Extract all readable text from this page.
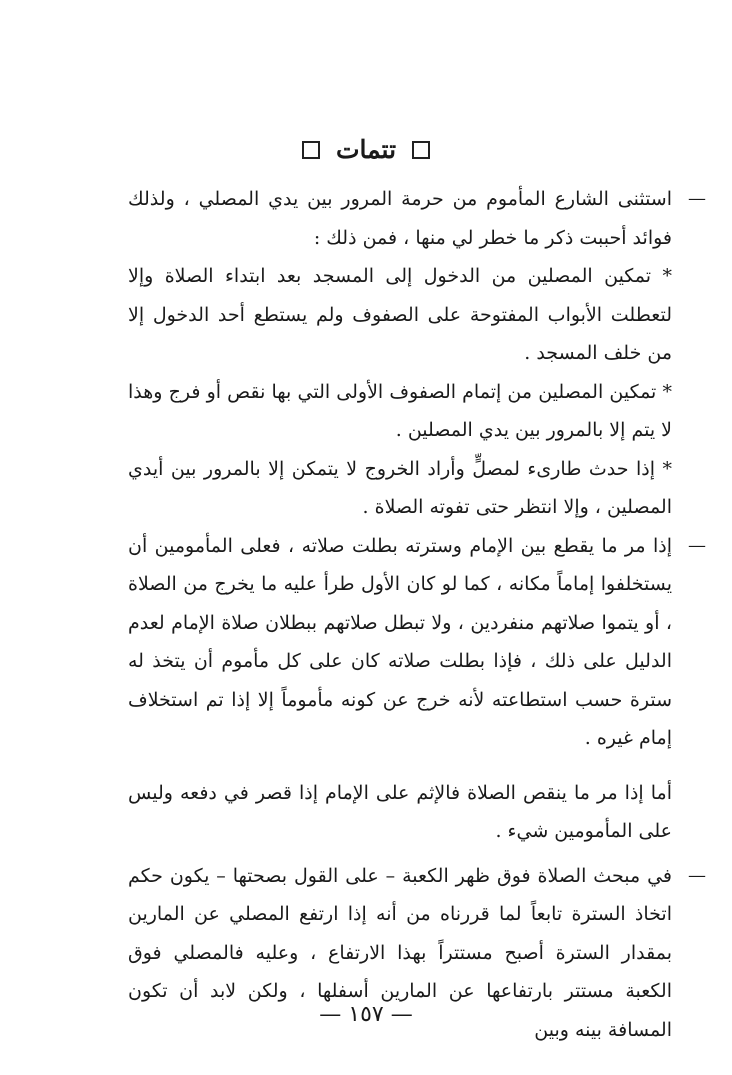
تتمات

— استثنى الشارع المأموم من حرمة المرور بين يدي المصلي ، ولذلك فوائد أحببت ذكر ما خطر لي منها ، فمن ذلك :

* تمكين المصلين من الدخول إلى المسجد بعد ابتداء الصلاة وإلا لتعطلت الأبواب المفتوحة على الصفوف ولم يستطع أحد الدخول إلا من خلف المسجد .

* تمكين المصلين من إتمام الصفوف الأولى التي بها نقص أو فرج وهذا لا يتم إلا بالمرور بين يدي المصلين .

* إذا حدث طارىء لمصلٍّ وأراد الخروج لا يتمكن إلا بالمرور بين أيدي المصلين ، وإلا انتظر حتى تفوته الصلاة .

— إذا مر ما يقطع بين الإمام وسترته بطلت صلاته ، فعلى المأمومين أن يستخلفوا إماماً مكانه ، كما لو كان الأول طرأ عليه ما يخرج من الصلاة ، أو يتموا صلاتهم منفردين ، ولا تبطل صلاتهم ببطلان صلاة الإمام لعدم الدليل على ذلك ، فإذا بطلت صلاته كان على كل مأموم أن يتخذ له سترة حسب استطاعته لأنه خرج عن كونه مأموماً إلا إذا تم استخلاف إمام غيره .

أما إذا مر ما ينقص الصلاة فالإثم على الإمام إذا قصر في دفعه وليس على المأمومين شيء .

— في مبحث الصلاة فوق ظهر الكعبة – على القول بصحتها – يكون حكم اتخاذ السترة تابعاً لما قررناه من أنه إذا ارتفع المصلي عن المارين بمقدار السترة أصبح مستتراً بهذا الارتفاع ، وعليه فالمصلي فوق الكعبة مستتر بارتفاعها عن المارين أسفلها ، ولكن لابد أن تكون المسافة بينه وبين

— ١٥٧ —
